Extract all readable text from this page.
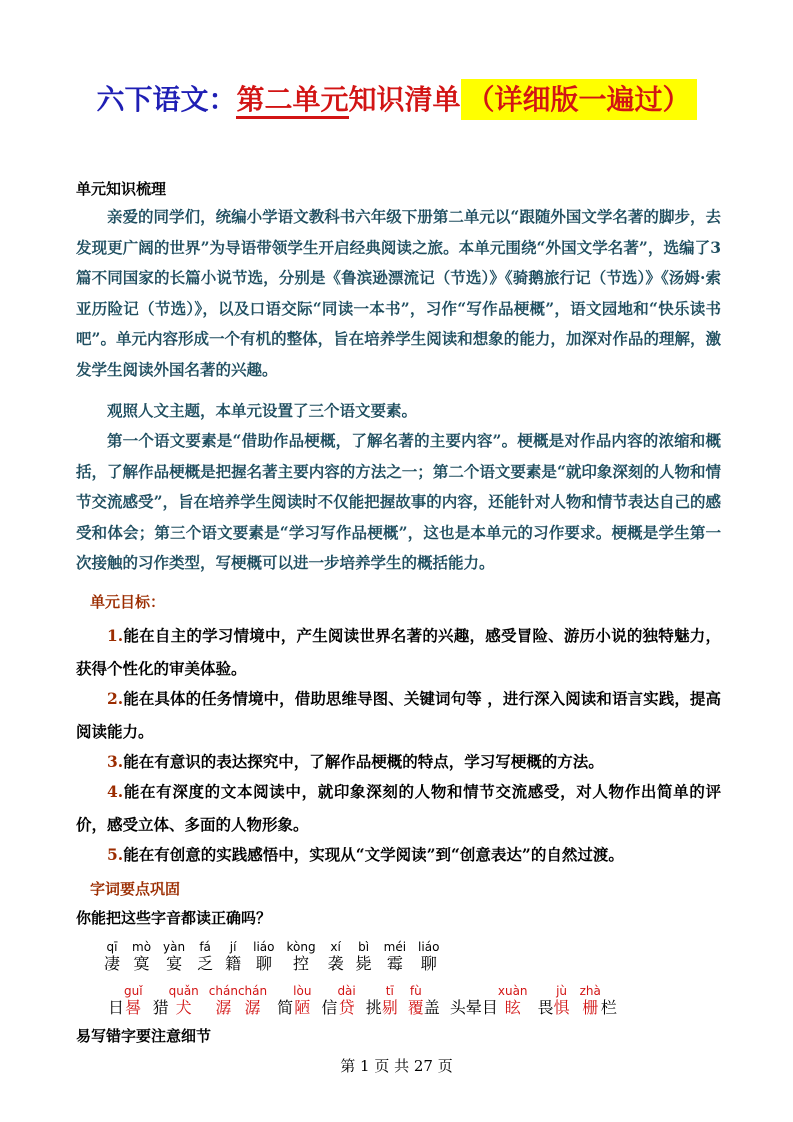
六下语文：第二单元知识清单 （详细版一遍过）
单元知识梳理

亲爱的同学们，统编小学语文教科书六年级下册第二单元以“跟随外国文学名著的脚步，去发现更广阔的世界”为导语带领学生开启经典阅读之旅。本单元围绕“外国文学名著”，选编了3篇不同国家的长篇小说节选，分别是《鲁滨逊漂流记（节选）》《骑鹅旅行记（节选）》《汤姆·索亚历险记（节选）》，以及口语交际“同读一本书”，习作“写作品梗概”，语文园地和“快乐读书吧”。单元内容形成一个有机的整体，旨在培养学生阅读和想象的能力，加深对作品的理解，激发学生阅读外国名著的兴趣。

观照人文主题，本单元设置了三个语文要素。

第一个语文要素是“借助作品梗概，了解名著的主要内容”。梗概是对作品内容的浓缩和概括，了解作品梗概是把握名著主要内容的方法之一；第二个语文要素是“就印象深刻的人物和情节交流感受”，旨在培养学生阅读时不仅能把握故事的内容，还能针对人物和情节表达自己的感受和体会；第三个语文要素是“学习写作品梗概”，这也是本单元的习作要求。梗概是学生第一次接触的习作类型，写梗概可以进一步培养学生的概括能力。

单元目标：

1.能在自主的学习情境中，产生阅读世界名著的兴趣，感受冒险、游历小说的独特魅力，获得个性化的审美体验。

2.能在具体的任务情境中，借助思维导图、关键词句等 ，进行深入阅读和语言实践，提高阅读能力。

3.能在有意识的表达探究中，了解作品梗概的特点，学习写梗概的方法。

4.能在有深度的文本阅读中，就印象深刻的人物和情节交流感受，对人物作出简单的评价，感受立体、多面的人物形象。

5.能在有创意的实践感悟中，实现从“文学阅读”到“创意表达”的自然过渡。

字词要点巩固
你能把这些字音都读正确吗？
qī
凄
mò
寞
yàn
宴
fá
乏
jí
籍
liáo
聊
kòng
控
xí
袭
bì
毙
méi
霉
liáo
聊

日
guǐ
晷
猎
quǎn
犬
chán
潺
chán
潺
简
lòu
陋
信
dài
贷
挑
tī
剔
fù
覆
盖
头
晕
目
xuàn
眩
畏
jù
惧
zhà
栅
栏
易写错字要注意细节
第 1 页 共 27 页
